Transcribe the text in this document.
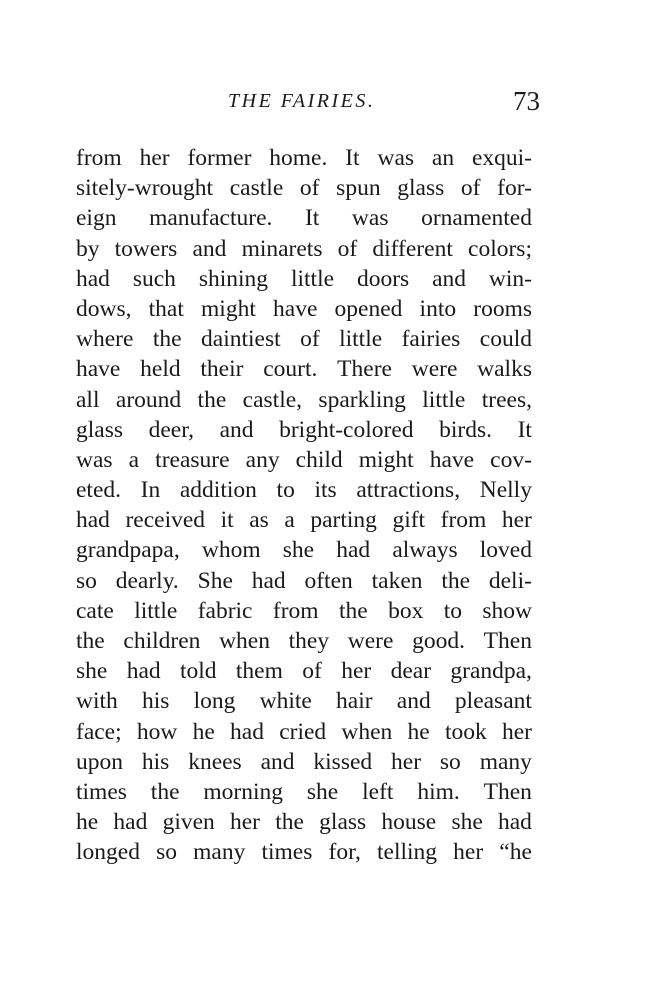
THE FAIRIES.	73
from her former home. It was an exqui-
sitely-wrought castle of spun glass of for-
eign manufacture. It was ornamented
by towers and minarets of different colors;
had such shining little doors and win-
dows, that might have opened into rooms
where the daintiest of little fairies could
have held their court. There were walks
all around the castle, sparkling little trees,
glass deer, and bright-colored birds. It
was a treasure any child might have cov-
eted. In addition to its attractions, Nelly
had received it as a parting gift from her
grandpapa, whom she had always loved
so dearly. She had often taken the deli-
cate little fabric from the box to show
the children when they were good. Then
she had told them of her dear grandpa,
with his long white hair and pleasant
face; how he had cried when he took her
upon his knees and kissed her so many
times the morning she left him. Then
he had given her the glass house she had
longed so many times for, telling her “he
